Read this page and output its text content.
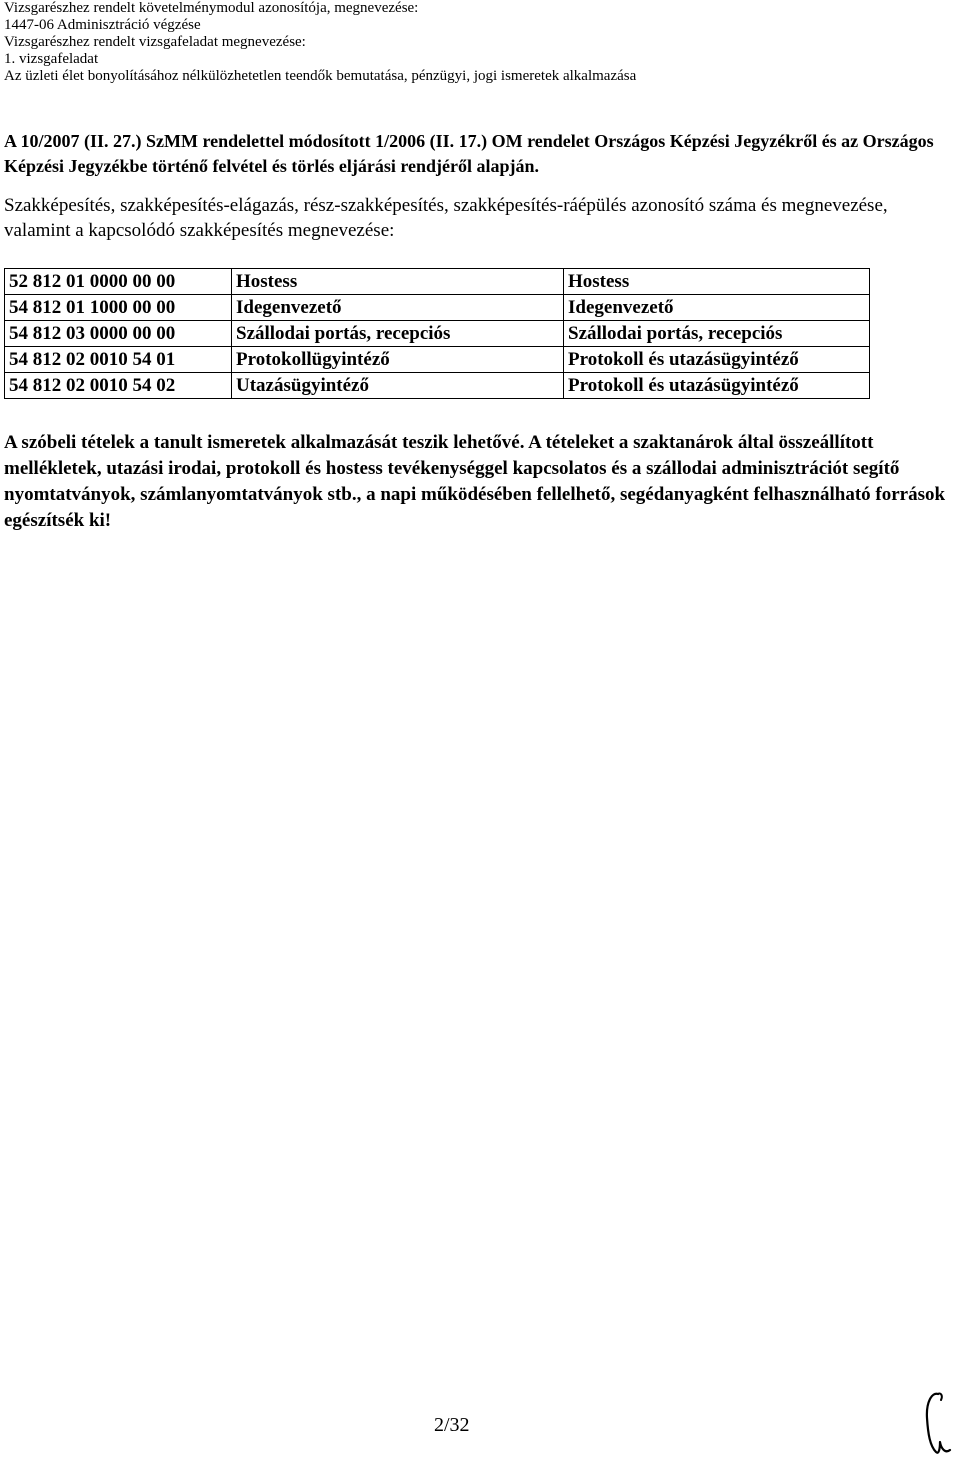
Vizsgarészhez rendelt követelménymodul azonosítója, megnevezése:
1447-06 Adminisztráció végzése
Vizsgarészhez rendelt vizsgafeladat megnevezése:
1. vizsgafeladat
Az üzleti élet bonyolításához nélkülözhetetlen teendők bemutatása, pénzügyi, jogi ismeretek alkalmazása
A 10/2007 (II. 27.) SzMM rendelettel módosított 1/2006 (II. 17.) OM rendelet Országos Képzési Jegyzékről és az Országos Képzési Jegyzékbe történő felvétel és törlés eljárási rendjéről alapján.
Szakképesítés, szakképesítés-elágazás, rész-szakképesítés, szakképesítés-ráépülés azonosító száma és megnevezése, valamint a kapcsolódó szakképesítés megnevezése:
52 812 01 0000 00 00	Hostess	Hostess
54 812 01 1000 00 00	Idegenvezető	Idegenvezető
54 812 03 0000 00 00	Szállodai portás, recepciós	Szállodai portás, recepciós
54 812 02 0010 54 01	Protokollügyintéző	Protokoll és utazásügyintéző
54 812 02 0010 54 02	Utazásügyintéző	Protokoll és utazásügyintéző
A szóbeli tételek a tanult ismeretek alkalmazását teszik lehetővé. A tételeket a szaktanárok által összeállított mellékletek, utazási irodai, protokoll és hostess tevékenységgel kapcsolatos és a szállodai adminisztrációt segítő nyomtatványok, számlanyomtatványok stb., a napi működésében fellelhető, segédanyagként felhasználható források egészítsék ki!
2/32
